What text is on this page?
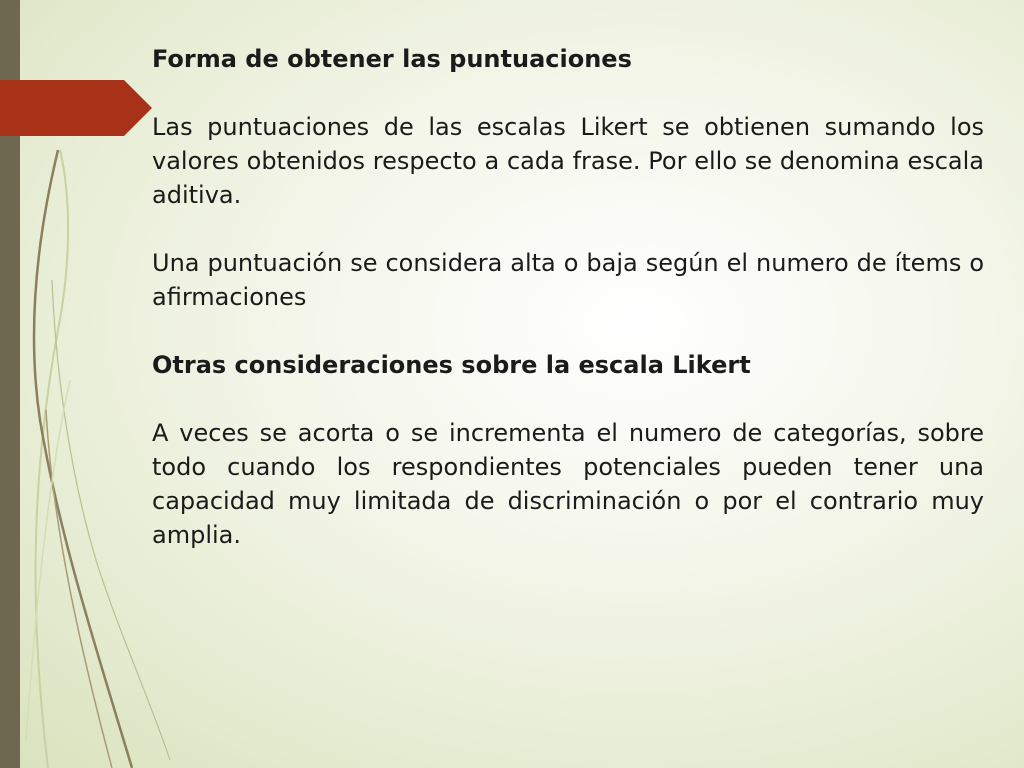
Forma de obtener las puntuaciones

Las puntuaciones de las escalas Likert se obtienen sumando los valores obtenidos respecto a cada frase. Por ello se denomina escala aditiva.

Una puntuación se considera alta o baja según el numero de ítems o afirmaciones

Otras consideraciones sobre la escala Likert

A veces se acorta o se incrementa el numero de categorías, sobre todo cuando los respondientes potenciales pueden tener una capacidad muy limitada de discriminación o por el contrario muy amplia.
